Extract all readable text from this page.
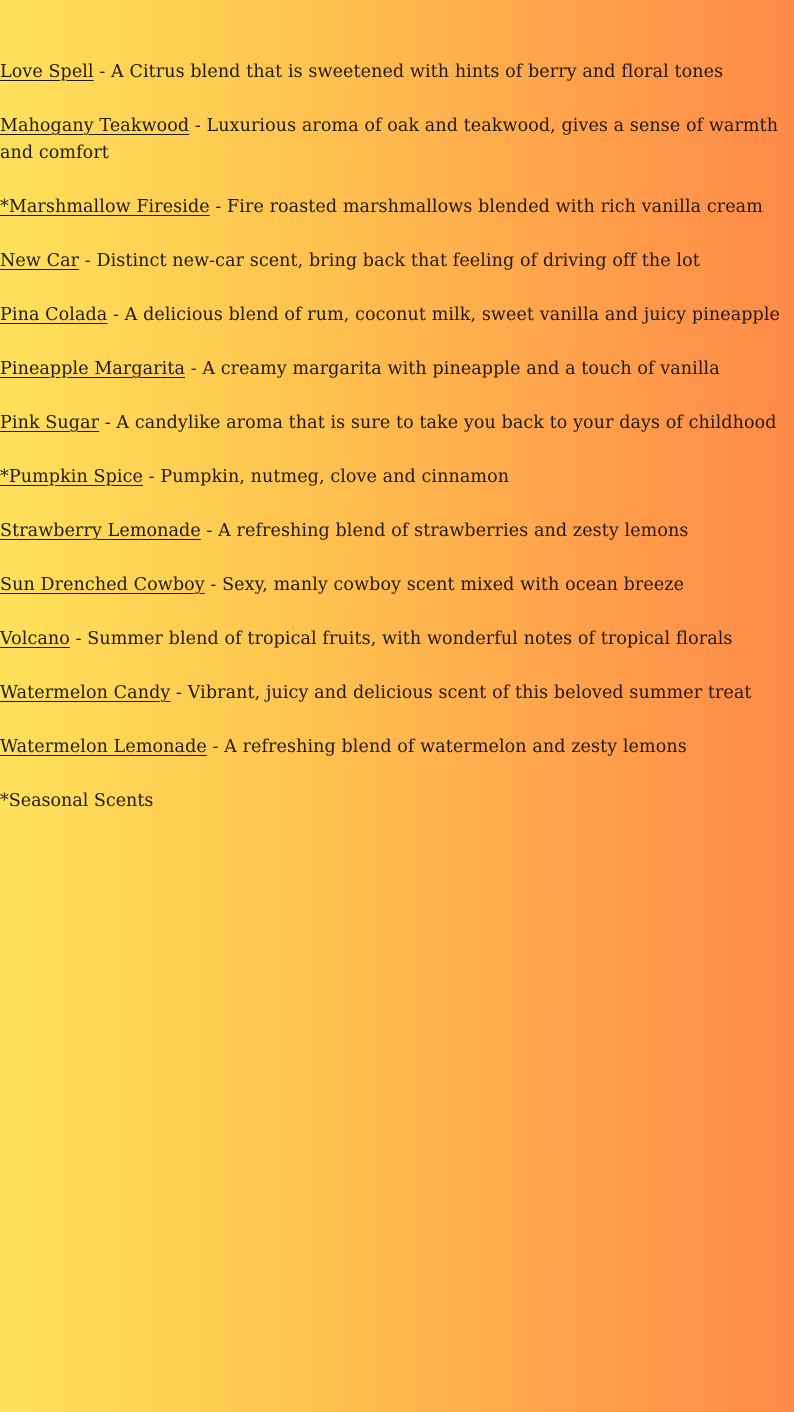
Love Spell - A Citrus blend that is sweetened with hints of berry and floral tones

Mahogany Teakwood - Luxurious aroma of oak and teakwood, gives a sense of warmth and comfort

*Marshmallow Fireside - Fire roasted marshmallows blended with rich vanilla cream

New Car - Distinct new-car scent, bring back that feeling of driving off the lot

Pina Colada - A delicious blend of rum, coconut milk, sweet vanilla and juicy pineapple

Pineapple Margarita - A creamy margarita with pineapple and a touch of vanilla

Pink Sugar - A candylike aroma that is sure to take you back to your days of childhood

*Pumpkin Spice - Pumpkin, nutmeg, clove and cinnamon

Strawberry Lemonade - A refreshing blend of strawberries and zesty lemons

Sun Drenched Cowboy - Sexy, manly cowboy scent mixed with ocean breeze

Volcano - Summer blend of tropical fruits, with wonderful notes of tropical florals

Watermelon Candy - Vibrant, juicy and delicious scent of this beloved summer treat

Watermelon Lemonade - A refreshing blend of watermelon and zesty lemons

*Seasonal Scents
